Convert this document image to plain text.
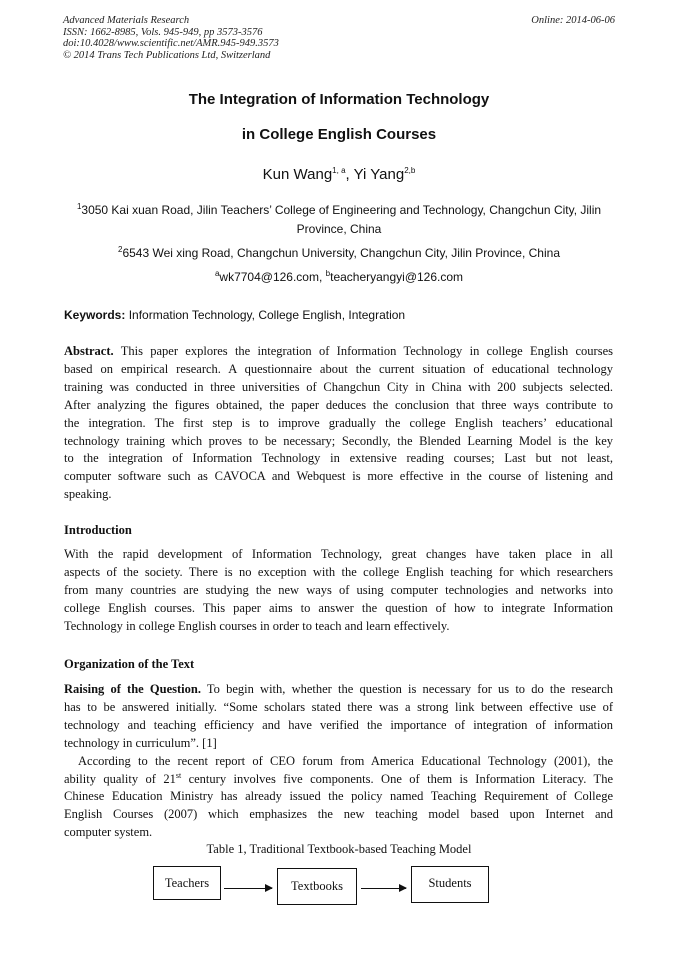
Advanced Materials Research
ISSN: 1662-8985, Vols. 945-949, pp 3573-3576
doi:10.4028/www.scientific.net/AMR.945-949.3573
© 2014 Trans Tech Publications Ltd, Switzerland
Online: 2014-06-06
The Integration of Information Technology
in College English Courses
Kun Wang$^{1, a}$, Yi Yang$^{2,b}$
$^1$3050 Kai xuan Road, Jilin Teachers’ College of Engineering and Technology, Changchun City, Jilin
Province, China
$^2$6543 Wei xing Road, Changchun University, Changchun City, Jilin Province, China
$^a$wk7704@126.com, $^b$teacheryangyi@126.com
Keywords: Information Technology, College English, Integration
Abstract. This paper explores the integration of Information Technology in college English courses
based on empirical research. A questionnaire about the current situation of educational technology
training was conducted in three universities of Changchun City in China with 200 subjects selected.
After analyzing the figures obtained, the paper deduces the conclusion that three ways contribute to
the integration. The first step is to improve gradually the college English teachers’ educational
technology training which proves to be necessary; Secondly, the Blended Learning Model is the key
to the integration of Information Technology in extensive reading courses; Last but not least,
computer software such as CAVOCA and Webquest is more effective in the course of listening and
speaking.
Introduction
With the rapid development of Information Technology, great changes have taken place in all
aspects of the society. There is no exception with the college English teaching for which researchers
from many countries are studying the new ways of using computer technologies and networks into
college English courses. This paper aims to answer the question of how to integrate Information
Technology in college English courses in order to teach and learn effectively.
Organization of the Text
Raising of the Question. To begin with, whether the question is necessary for us to do the research
has to be answered initially. “Some scholars stated there was a strong link between effective use of
technology and teaching efficiency and have verified the importance of integration of information
technology in curriculum”. [1]
According to the recent report of CEO forum from America Educational Technology (2001), the
ability quality of 21st century involves five components. One of them is Information Literacy. The
Chinese Education Ministry has already issued the policy named Teaching Requirement of College
English Courses (2007) which emphasizes the new teaching model based upon Internet and
computer system.
Table 1, Traditional Textbook-based Teaching Model
Teachers	Textbooks	Students
